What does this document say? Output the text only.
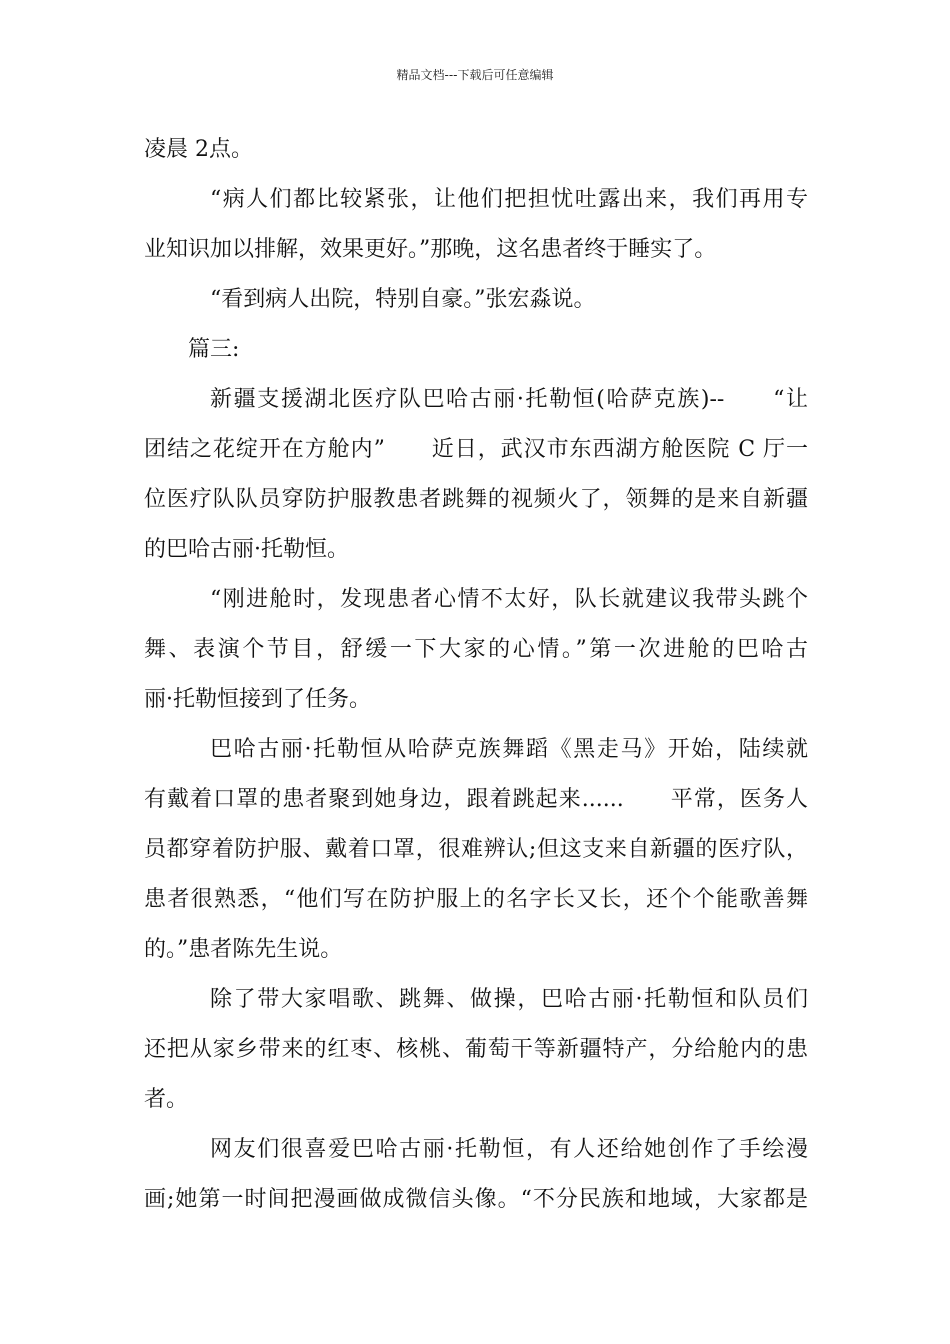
精品文档---下载后可任意编辑
凌晨 2点。
“病人们都比较紧张，让他们把担忧吐露出来，我们再用专
业知识加以排解，效果更好。”那晚，这名患者终于睡实了。
“看到病人出院，特别自豪。”张宏淼说。
篇三:
新疆支援湖北医疗队巴哈古丽·托勒恒(哈萨克族)--　　“让
团结之花绽开在方舱内”　　近日，武汉市东西湖方舱医院 C 厅一
位医疗队队员穿防护服教患者跳舞的视频火了，领舞的是来自新疆
的巴哈古丽·托勒恒。
“刚进舱时，发现患者心情不太好，队长就建议我带头跳个
舞、表演个节目，舒缓一下大家的心情。”第一次进舱的巴哈古
丽·托勒恒接到了任务。
巴哈古丽·托勒恒从哈萨克族舞蹈《黑走马》开始，陆续就
有戴着口罩的患者聚到她身边，跟着跳起来......　　平常，医务人
员都穿着防护服、戴着口罩，很难辨认;但这支来自新疆的医疗队，
患者很熟悉，“他们写在防护服上的名字长又长，还个个能歌善舞
的。”患者陈先生说。
除了带大家唱歌、跳舞、做操，巴哈古丽·托勒恒和队员们
还把从家乡带来的红枣、核桃、葡萄干等新疆特产，分给舱内的患
者。
网友们很喜爱巴哈古丽·托勒恒，有人还给她创作了手绘漫
画;她第一时间把漫画做成微信头像。“不分民族和地域，大家都是
